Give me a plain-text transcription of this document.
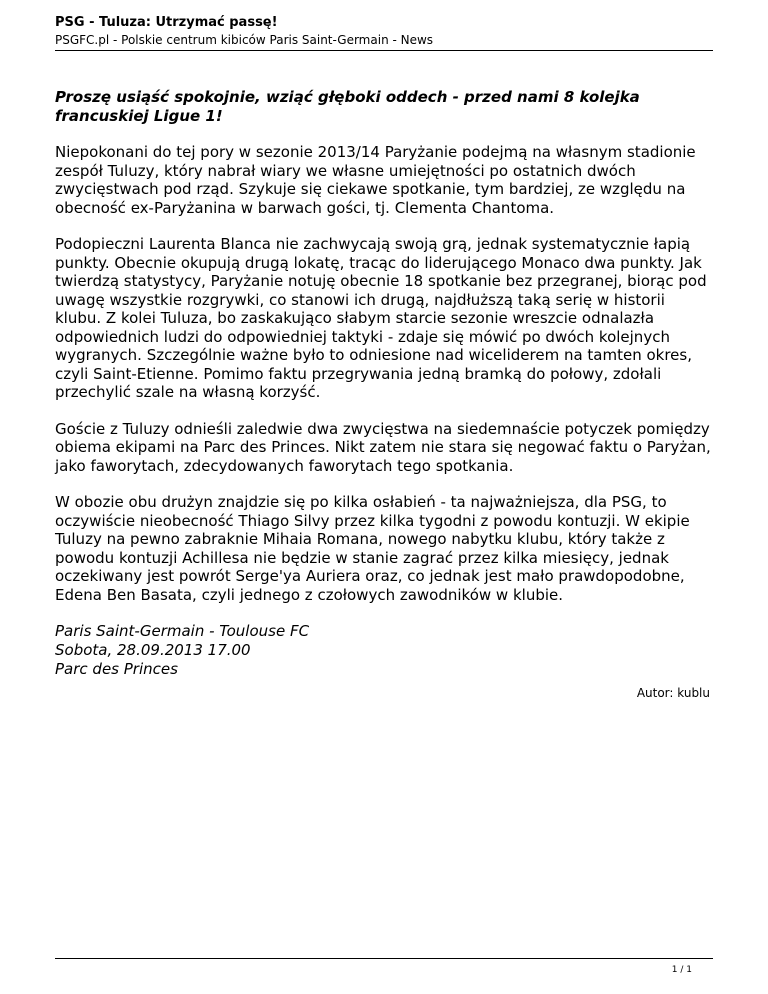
PSG - Tuluza: Utrzymać passę!
PSGFC.pl - Polskie centrum kibiców Paris Saint-Germain - News

Proszę usiąść spokojnie, wziąć głęboki oddech - przed nami 8 kolejka francuskiej Ligue 1!

Niepokonani do tej pory w sezonie 2013/14 Paryżanie podejmą na własnym stadionie zespół Tuluzy, który nabrał wiary we własne umiejętności po ostatnich dwóch zwycięstwach pod rząd. Szykuje się ciekawe spotkanie, tym bardziej, ze względu na obecność ex-Paryżanina w barwach gości, tj. Clementa Chantoma.

Podopieczni Laurenta Blanca nie zachwycają swoją grą, jednak systematycznie łapią punkty. Obecnie okupują drugą lokatę, tracąc do liderującego Monaco dwa punkty. Jak twierdzą statystycy, Paryżanie notuję obecnie 18 spotkanie bez przegranej, biorąc pod uwagę wszystkie rozgrywki, co stanowi ich drugą, najdłuższą taką serię w historii klubu. Z kolei Tuluza, bo zaskakująco słabym starcie sezonie wreszcie odnalazła odpowiednich ludzi do odpowiedniej taktyki - zdaje się mówić po dwóch kolejnych wygranych. Szczególnie ważne było to odniesione nad wiceliderem na tamten okres, czyli Saint-Etienne. Pomimo faktu przegrywania jedną bramką do połowy, zdołali przechylić szale na własną korzyść.

Goście z Tuluzy odnieśli zaledwie dwa zwycięstwa na siedemnaście potyczek pomiędzy obiema ekipami na Parc des Princes. Nikt zatem nie stara się negować faktu o Paryżan, jako faworytach, zdecydowanych faworytach tego spotkania.

W obozie obu drużyn znajdzie się po kilka osłabień - ta najważniejsza, dla PSG, to oczywiście nieobecność Thiago Silvy przez kilka tygodni z powodu kontuzji. W ekipie Tuluzy na pewno zabraknie Mihaia Romana, nowego nabytku klubu, który także z powodu kontuzji Achillesa nie będzie w stanie zagrać przez kilka miesięcy, jednak oczekiwany jest powrót Serge'ya Auriera oraz, co jednak jest mało prawdopodobne, Edena Ben Basata, czyli jednego z czołowych zawodników w klubie.

Paris Saint-Germain - Toulouse FC
Sobota, 28.09.2013 17.00
Parc des Princes
Autor: kublu
1 / 1
